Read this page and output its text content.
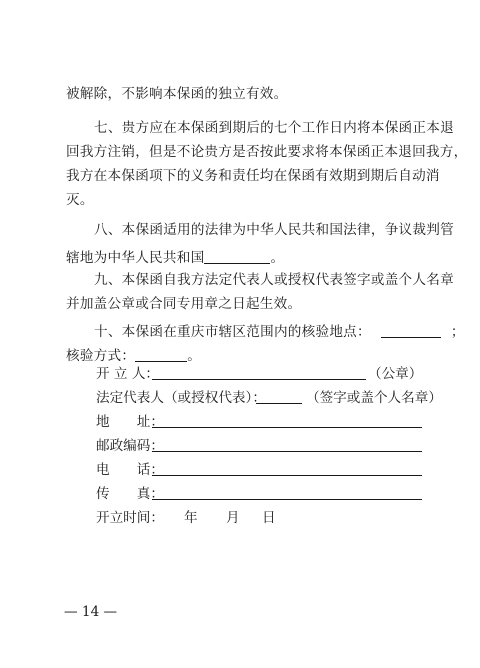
被解除，不影响本保函的独立有效。
七、贵方应在本保函到期后的七个工作日内将本保函正本退
回我方注销，但是不论贵方是否按此要求将本保函正本退回我方，
我方在本保函项下的义务和责任均在保函有效期到期后自动消
灭。
八、本保函适用的法律为中华人民共和国法律，争议裁判管
辖地为中华人民共和国	。
九、本保函自我方法定代表人或授权代表签字或盖个人名章
并加盖公章或合同专用章之日起生效。
十、本保函在重庆市辖区范围内的核验地点：	；
核验方式：	。
开 立 人：	（公章）
法定代表人（或授权代表）：	（签字或盖个人名章）
地　　址：
邮政编码：
电　　话：
传　　真：
开立时间： 年 月 日
— 14 —
